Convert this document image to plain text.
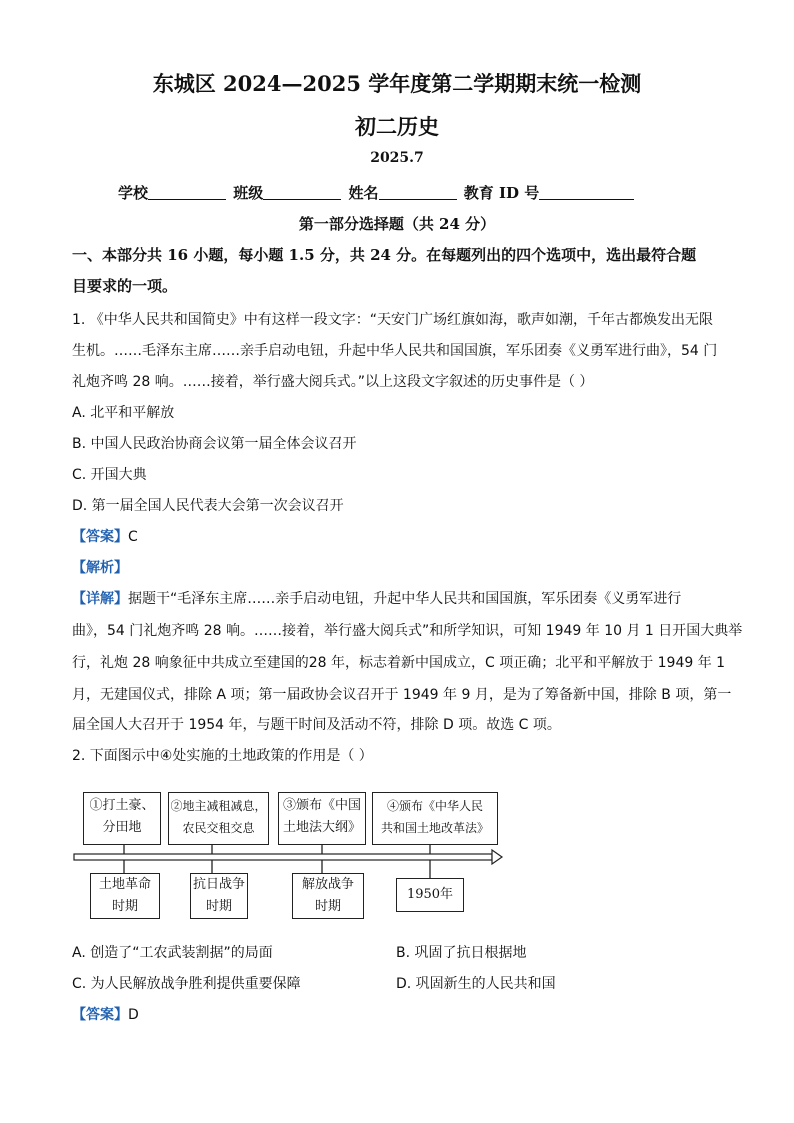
东城区 2024—2025 学年度第二学期期末统一检测
初二历史
2025.7
学校	班级	姓名	教育 ID 号
第一部分选择题（共 24 分）
一、本部分共 16 小题，每小题 1.5 分，共 24 分。在每题列出的四个选项中，选出最符合题
目要求的一项。
1. 《中华人民共和国简史》中有这样一段文字：“天安门广场红旗如海，歌声如潮，千年古都焕发出无限
生机。……毛泽东主席……亲手启动电钮，升起中华人民共和国国旗，军乐团奏《义勇军进行曲》，54 门
礼炮齐鸣 28 响。……接着，举行盛大阅兵式。”以上这段文字叙述的历史事件是（ ）
A. 北平和平解放
B. 中国人民政治协商会议第一届全体会议召开
C. 开国大典
D. 第一届全国人民代表大会第一次会议召开
【答案】C
【解析】
【详解】据题干“毛泽东主席……亲手启动电钮，升起中华人民共和国国旗，军乐团奏《义勇军进行
曲》，54 门礼炮齐鸣 28 响。……接着，举行盛大阅兵式”和所学知识，可知 1949 年 10 月 1 日开国大典举
行，礼炮 28 响象征中共成立至建国的28 年，标志着新中国成立，C 项正确；北平和平解放于 1949 年 1
月，无建国仪式，排除 A 项；第一届政协会议召开于 1949 年 9 月，是为了筹备新中国，排除 B 项，第一
届全国人大召开于 1954 年，与题干时间及活动不符，排除 D 项。故选 C 项。
2. 下面图示中④处实施的土地政策的作用是（ ）
①打土豪、
分田地
②地主减租减息，
农民交租交息
③颁布《中国
土地法大纲》
④颁布《中华人民
共和国土地改革法》
土地革命
时期
抗日战争
时期
解放战争
时期
1950年
A. 创造了“工农武装割据”的局面	B. 巩固了抗日根据地
C. 为人民解放战争胜利提供重要保障	D. 巩固新生的人民共和国
【答案】D
